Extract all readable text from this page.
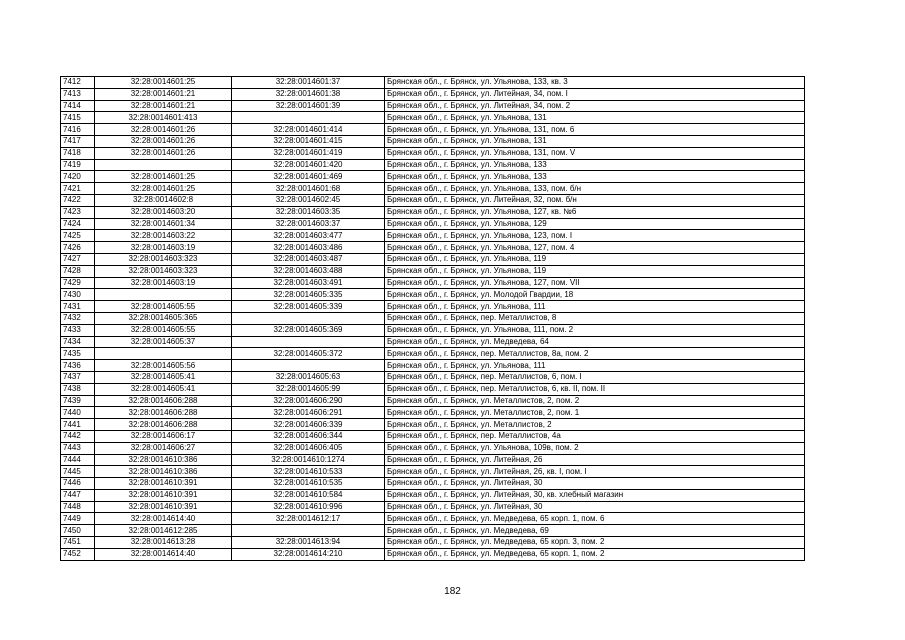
7412	32:28:0014601:25	32:28:0014601:37	Брянская обл., г. Брянск, ул. Ульянова, 133, кв. 3
7413	32:28:0014601:21	32:28:0014601:38	Брянская обл., г. Брянск, ул. Литейная, 34, пом. I
7414	32:28:0014601:21	32:28:0014601:39	Брянская обл., г. Брянск, ул. Литейная, 34, пом. 2
7415	32:28:0014601:413		Брянская обл., г. Брянск, ул. Ульянова, 131
7416	32:28:0014601:26	32:28:0014601:414	Брянская обл., г. Брянск, ул. Ульянова, 131, пом. 6
7417	32:28:0014601:26	32:28:0014601:415	Брянская обл., г. Брянск, ул. Ульянова, 131
7418	32:28:0014601:26	32:28:0014601:419	Брянская обл., г. Брянск, ул. Ульянова, 131, пом. V
7419		32:28:0014601:420	Брянская обл., г. Брянск, ул. Ульянова, 133
7420	32:28:0014601:25	32:28:0014601:469	Брянская обл., г. Брянск, ул. Ульянова, 133
7421	32:28:0014601:25	32:28:0014601:68	Брянская обл., г. Брянск, ул. Ульянова, 133, пом. б/н
7422	32:28:0014602:8	32:28:0014602:45	Брянская обл., г. Брянск, ул. Литейная, 32, пом. б/н
7423	32:28:0014603:20	32:28:0014603:35	Брянская обл., г. Брянск, ул. Ульянова, 127, кв. №6
7424	32:28:0014601:34	32:28:0014603:37	Брянская обл., г. Брянск, ул. Ульянова, 129
7425	32:28:0014603:22	32:28:0014603:477	Брянская обл., г. Брянск, ул. Ульянова, 123, пом. I
7426	32:28:0014603:19	32:28:0014603:486	Брянская обл., г. Брянск, ул. Ульянова, 127, пом. 4
7427	32:28:0014603:323	32:28:0014603:487	Брянская обл., г. Брянск, ул. Ульянова, 119
7428	32:28:0014603:323	32:28:0014603:488	Брянская обл., г. Брянск, ул. Ульянова, 119
7429	32:28:0014603:19	32:28:0014603:491	Брянская обл., г. Брянск, ул. Ульянова, 127, пом. VII
7430		32:28:0014605:335	Брянская обл., г. Брянск, ул. Молодой Гвардии, 18
7431	32:28:0014605:55	32:28:0014605:339	Брянская обл., г. Брянск, ул. Ульянова, 111
7432	32:28:0014605:365		Брянская обл., г. Брянск, пер. Металлистов, 8
7433	32:28:0014605:55	32:28:0014605:369	Брянская обл., г. Брянск, ул. Ульянова, 111, пом. 2
7434	32:28:0014605:37		Брянская обл., г. Брянск, ул. Медведева, 64
7435		32:28:0014605:372	Брянская обл., г. Брянск, пер. Металлистов, 8а, пом. 2
7436	32:28:0014605:56		Брянская обл., г. Брянск, ул. Ульянова, 111
7437	32:28:0014605:41	32:28:0014605:63	Брянская обл., г. Брянск, пер. Металлистов, 6, пом. I
7438	32:28:0014605:41	32:28:0014605:99	Брянская обл., г. Брянск, пер. Металлистов, 6, кв. II, пом. II
7439	32:28:0014606:288	32:28:0014606:290	Брянская обл., г. Брянск, ул. Металлистов, 2, пом. 2
7440	32:28:0014606:288	32:28:0014606:291	Брянская обл., г. Брянск, ул. Металлистов, 2, пом. 1
7441	32:28:0014606:288	32:28:0014606:339	Брянская обл., г. Брянск, ул. Металлистов, 2
7442	32:28:0014606:17	32:28:0014606:344	Брянская обл., г. Брянск, пер. Металлистов, 4а
7443	32:28:0014606:27	32:28:0014606:405	Брянская обл., г. Брянск, ул. Ульянова, 109в, пом. 2
7444	32:28:0014610:386	32:28:0014610:1274	Брянская обл., г. Брянск, ул. Литейная, 26
7445	32:28:0014610:386	32:28:0014610:533	Брянская обл., г. Брянск, ул. Литейная, 26, кв. I, пом. I
7446	32:28:0014610:391	32:28:0014610:535	Брянская обл., г. Брянск, ул. Литейная, 30
7447	32:28:0014610:391	32:28:0014610:584	Брянская обл., г. Брянск, ул. Литейная, 30, кв. хлебный магазин
7448	32:28:0014610:391	32:28:0014610:996	Брянская обл., г. Брянск, ул. Литейная, 30
7449	32:28:0014614:40	32:28:0014612:17	Брянская обл., г. Брянск, ул. Медведева, 65 корп. 1, пом. 6
7450	32:28:0014612:285		Брянская обл., г. Брянск, ул. Медведева, 69
7451	32:28:0014613:28	32:28:0014613:94	Брянская обл., г. Брянск, ул. Медведева, 65 корп. 3, пом. 2
7452	32:28:0014614:40	32:28:0014614:210	Брянская обл., г. Брянск, ул. Медведева, 65 корп. 1, пом. 2
182
